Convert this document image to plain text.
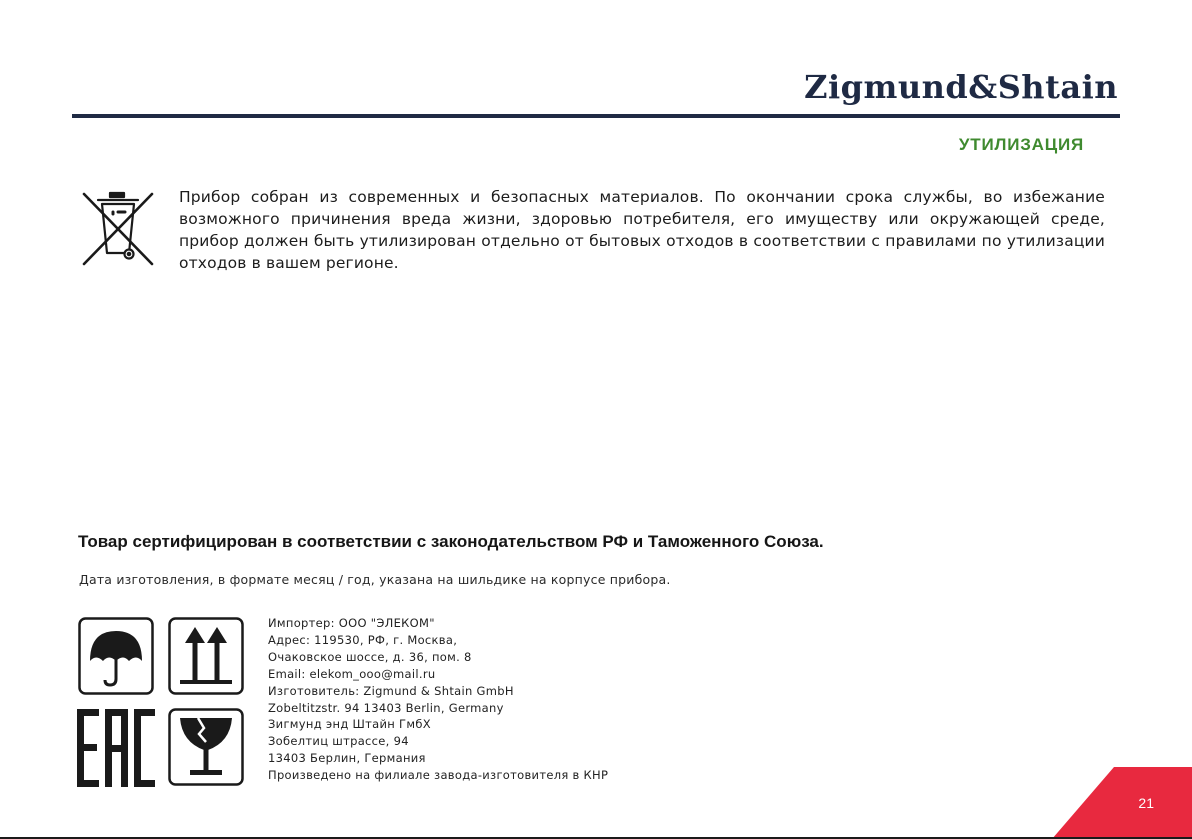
Zigmund&Shtain
УТИЛИЗАЦИЯ
Прибор собран из современных и безопасных материалов. По окончании срока службы, во избежание возможного причинения вреда жизни, здоровью потребителя, его имуществу или окружающей среде, прибор должен быть утилизирован отдельно от бытовых отходов в соответствии с правилами по утилизации отходов в вашем регионе.
Товар сертифицирован в соответствии с законодательством РФ и Таможенного Союза.
Дата изготовления, в формате месяц / год, указана на шильдике на корпусе прибора.
Импортер: ООО "ЭЛЕКОМ"
Адрес: 119530, РФ, г. Москва,
Очаковское шоссе, д. 36, пом. 8
Email: elekom_ooo@mail.ru
Изготовитель: Zigmund & Shtain GmbH
Zobeltitzstr. 94 13403 Berlin, Germany
Зигмунд энд Штайн ГмбХ
Зобелтиц штрассе, 94
13403 Берлин, Германия
Произведено на филиале завода-изготовителя в КНР
21
